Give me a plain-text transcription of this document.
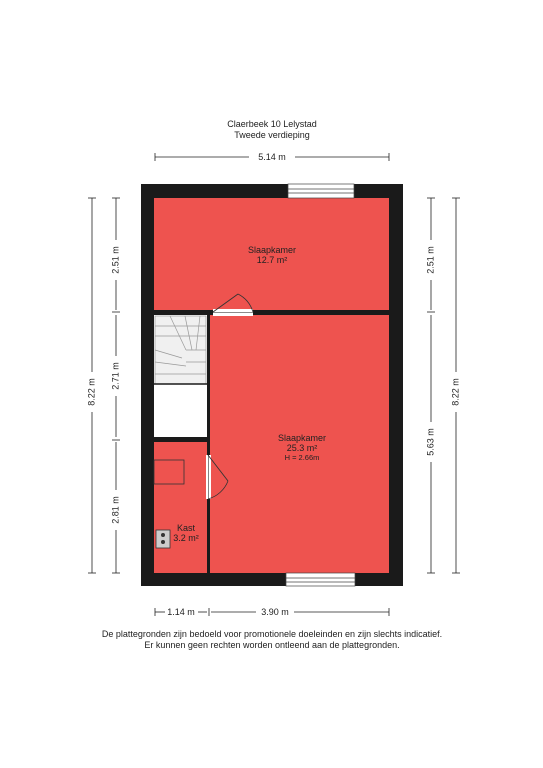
Claerbeek 10 Lelystad
Tweede verdieping
Slaapkamer
12.7 m²
Slaapkamer
25.3 m²
H = 2.66m
Kast
3.2 m²
5.14 m
1.14 m	3.90 m
8.22 m
2.51 m
2.71 m
2.81 m
2.51 m
5.63 m
8.22 m
De plattegronden zijn bedoeld voor promotionele doeleinden en zijn slechts indicatief.
Er kunnen geen rechten worden ontleend aan de plattegronden.
